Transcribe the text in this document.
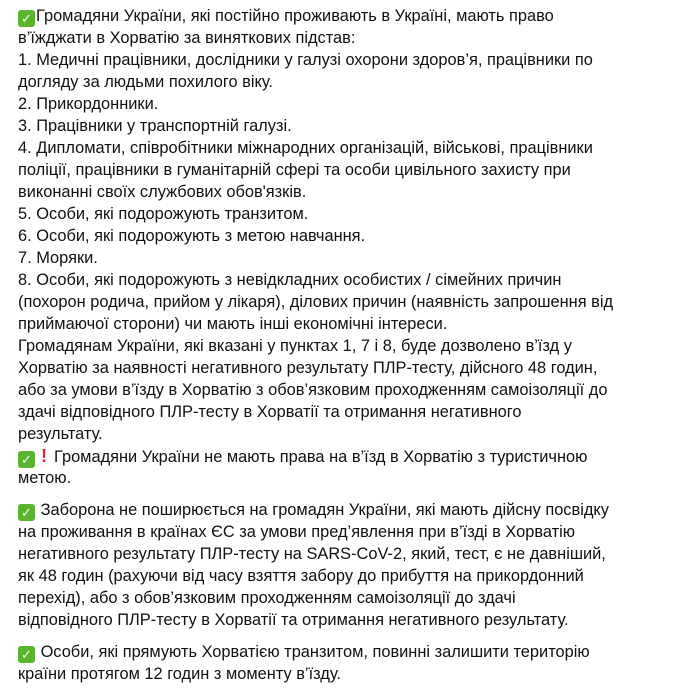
✓ Громадяни України, які постійно проживають в Україні, мають право
в’їжджати в Хорватію за виняткових підстав:
1. Медичні працівники, дослідники у галузі охорони здоров’я, працівники по
догляду за людьми похилого віку.
2. Прикордонники.
3. Працівники у транспортній галузі.
4. Дипломати, співробітники міжнародних організацій, військові, працівники
поліції, працівники в гуманітарній сфері та особи цивільного захисту при
виконанні своїх службових обов'язків.
5. Особи, які подорожують транзитом.
6. Особи, які подорожують з метою навчання.
7. Моряки.
8. Особи, які подорожують з невідкладних особистих / сімейних причин
(похорон родича, прийом у лікаря), ділових причин (наявність запрошення від
приймаючої сторони) чи мають інші економічні інтереси.
Громадянам України, які вказані у пунктах 1, 7 і 8, буде дозволено в’їзд у
Хорватію за наявності негативного результату ПЛР-тесту, дійсного 48 годин,
або за умови в’їзду в Хорватію з обов’язковим проходженням самоізоляції до
здачі відповідного ПЛР-тесту в Хорватії та отримання негативного
результату.
✓ ! Громадяни України не мають права на в’їзд в Хорватію з туристичною
метою.
✓ Заборона не поширюється на громадян України, які мають дійсну посвідку
на проживання в країнах ЄС за умови пред’явлення при в’їзді в Хорватію
негативного результату ПЛР-тесту на SARS-CoV-2, який, тест, є не давніший,
як 48 годин (рахуючи від часу взяття забору до прибуття на прикордонний
перехід), або з обов’язковим проходженням самоізоляції до здачі
відповідного ПЛР-тесту в Хорватії та отримання негативного результату.
✓ Особи, які прямують Хорватією транзитом, повинні залишити територію
країни протягом 12 годин з моменту в’їзду.
